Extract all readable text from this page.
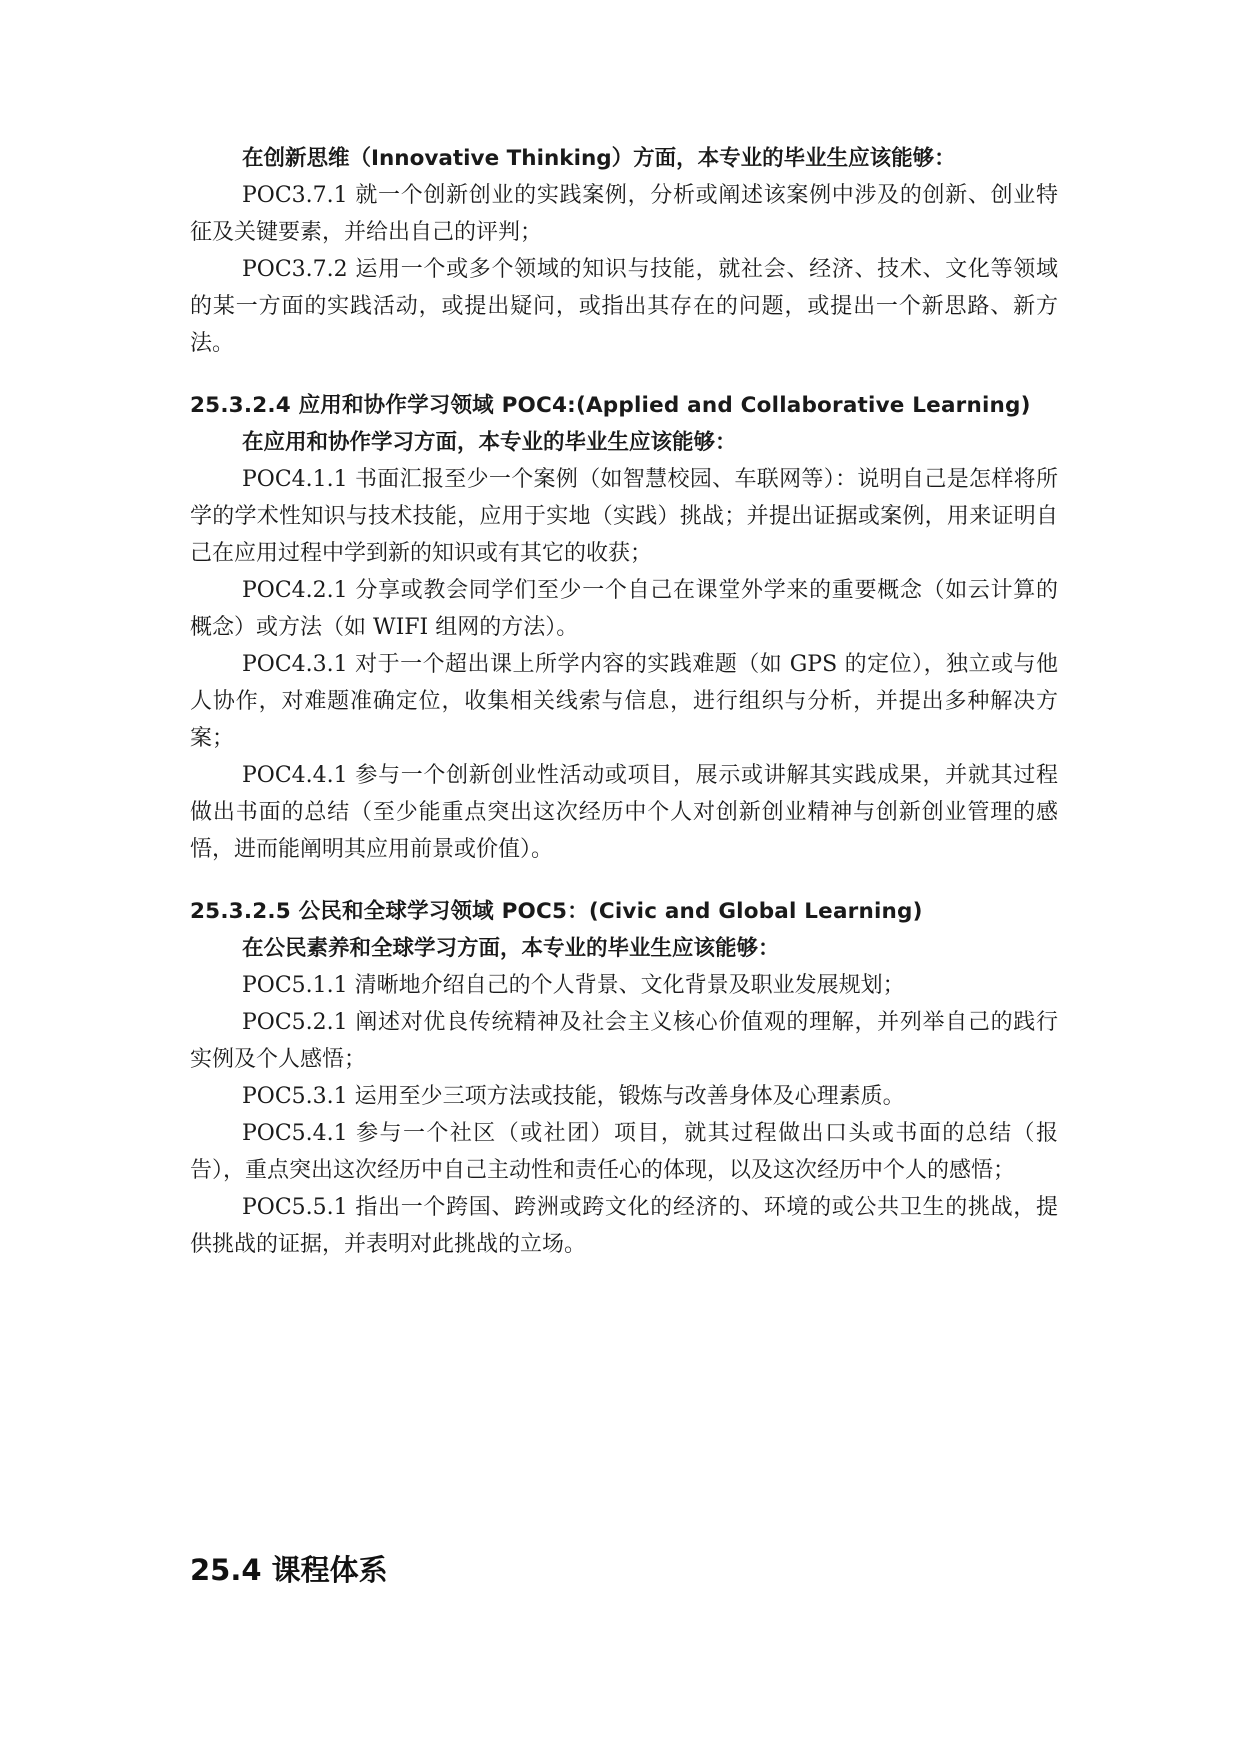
在创新思维（Innovative Thinking）方面，本专业的毕业生应该能够：

POC3.7.1 就一个创新创业的实践案例，分析或阐述该案例中涉及的创新、创业特征及关键要素，并给出自己的评判；

POC3.7.2 运用一个或多个领域的知识与技能，就社会、经济、技术、文化等领域的某一方面的实践活动，或提出疑问，或指出其存在的问题，或提出一个新思路、新方法。

25.3.2.4 应用和协作学习领域 POC4:(Applied and Collaborative Learning)

在应用和协作学习方面，本专业的毕业生应该能够：

POC4.1.1 书面汇报至少一个案例（如智慧校园、车联网等）：说明自己是怎样将所学的学术性知识与技术技能，应用于实地（实践）挑战；并提出证据或案例，用来证明自己在应用过程中学到新的知识或有其它的收获；

POC4.2.1 分享或教会同学们至少一个自己在课堂外学来的重要概念（如云计算的概念）或方法（如 WIFI 组网的方法）。

POC4.3.1 对于一个超出课上所学内容的实践难题（如 GPS 的定位），独立或与他人协作，对难题准确定位，收集相关线索与信息，进行组织与分析，并提出多种解决方案；

POC4.4.1 参与一个创新创业性活动或项目，展示或讲解其实践成果，并就其过程做出书面的总结（至少能重点突出这次经历中个人对创新创业精神与创新创业管理的感悟，进而能阐明其应用前景或价值）。

25.3.2.5 公民和全球学习领域 POC5：(Civic and Global Learning)

在公民素养和全球学习方面，本专业的毕业生应该能够：

POC5.1.1 清晰地介绍自己的个人背景、文化背景及职业发展规划；

POC5.2.1 阐述对优良传统精神及社会主义核心价值观的理解，并列举自己的践行实例及个人感悟；

POC5.3.1 运用至少三项方法或技能，锻炼与改善身体及心理素质。

POC5.4.1 参与一个社区（或社团）项目，就其过程做出口头或书面的总结（报告），重点突出这次经历中自己主动性和责任心的体现，以及这次经历中个人的感悟；

POC5.5.1 指出一个跨国、跨洲或跨文化的经济的、环境的或公共卫生的挑战，提供挑战的证据，并表明对此挑战的立场。

25.4 课程体系
